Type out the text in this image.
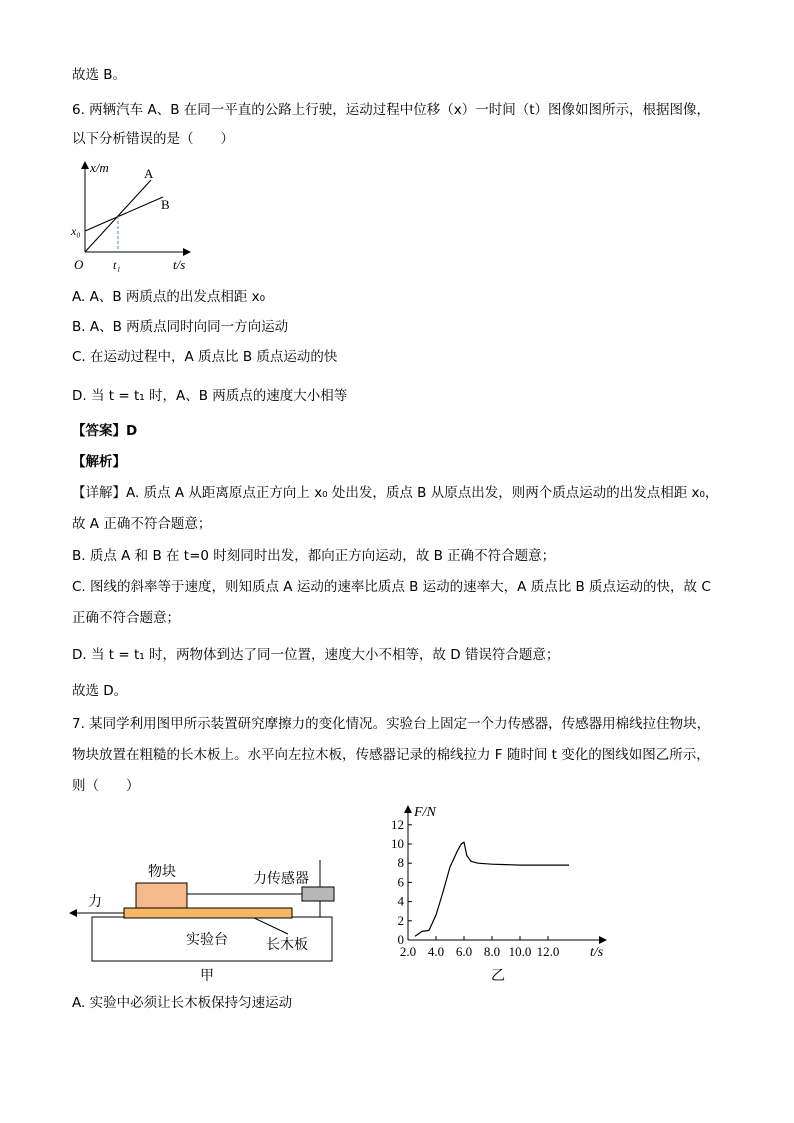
故选 B。
6. 两辆汽车 A、B 在同一平直的公路上行驶，运动过程中位移（x）一时间（t）图像如图所示，根据图像，
以下分析错误的是（　　）
x/m	A
B
x₀
O t₁	t/s
A. A、B 两质点的出发点相距 x₀
B. A、B 两质点同时向同一方向运动
C. 在运动过程中，A 质点比 B 质点运动的快
D. 当 t = t₁ 时，A、B 两质点的速度大小相等
【答案】D
【解析】
【详解】A. 质点 A 从距离原点正方向上 x₀ 处出发，质点 B 从原点出发，则两个质点运动的出发点相距 x₀，
故 A 正确不符合题意；
B. 质点 A 和 B 在 t=0 时刻同时出发，都向正方向运动，故 B 正确不符合题意；
C. 图线的斜率等于速度，则知质点 A 运动的速率比质点 B 运动的速率大，A 质点比 B 质点运动的快，故 C
正确不符合题意；
D. 当 t = t₁ 时，两物体到达了同一位置，速度大小不相等，故 D 错误符合题意；
故选 D。
7. 某同学利用图甲所示装置研究摩擦力的变化情况。实验台上固定一个力传感器，传感器用棉线拉住物块，
物块放置在粗糙的长木板上。水平向左拉木板，传感器记录的棉线拉力 F 随时间 t 变化的图线如图乙所示，
则（　　）
力
物块	力传感器
实验台	长木板
甲
0
2
4
6
8
10
12
2.0 4.0 6.0 8.0 10.0 12.0
F/N
t/s
乙
A. 实验中必须让长木板保持匀速运动
